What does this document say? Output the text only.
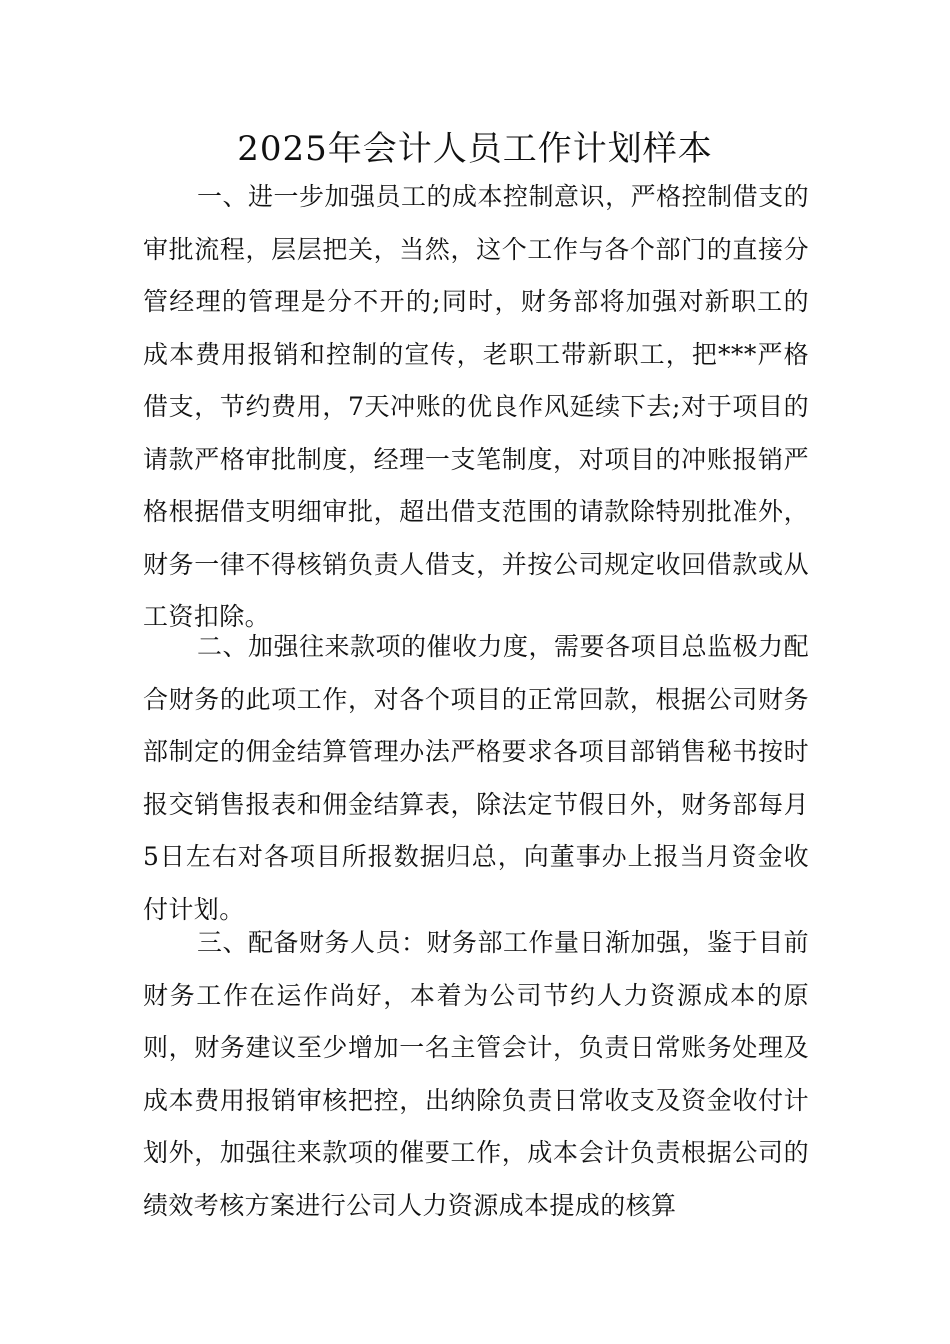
2025年会计人员工作计划样本

一、进一步加强员工的成本控制意识，严格控制借支的审批流程，层层把关，当然，这个工作与各个部门的直接分管经理的管理是分不开的;同时，财务部将加强对新职工的成本费用报销和控制的宣传，老职工带新职工，把***严格借支，节约费用，7天冲账的优良作风延续下去;对于项目的请款严格审批制度，经理一支笔制度，对项目的冲账报销严格根据借支明细审批，超出借支范围的请款除特别批准外，财务一律不得核销负责人借支，并按公司规定收回借款或从工资扣除。

二、加强往来款项的催收力度，需要各项目总监极力配合财务的此项工作，对各个项目的正常回款，根据公司财务部制定的佣金结算管理办法严格要求各项目部销售秘书按时报交销售报表和佣金结算表，除法定节假日外，财务部每月5日左右对各项目所报数据归总，向董事办上报当月资金收付计划。

三、配备财务人员：财务部工作量日渐加强，鉴于目前财务工作在运作尚好，本着为公司节约人力资源成本的原则，财务建议至少增加一名主管会计，负责日常账务处理及成本费用报销审核把控，出纳除负责日常收支及资金收付计划外，加强往来款项的催要工作，成本会计负责根据公司的绩效考核方案进行公司人力资源成本提成的核算
